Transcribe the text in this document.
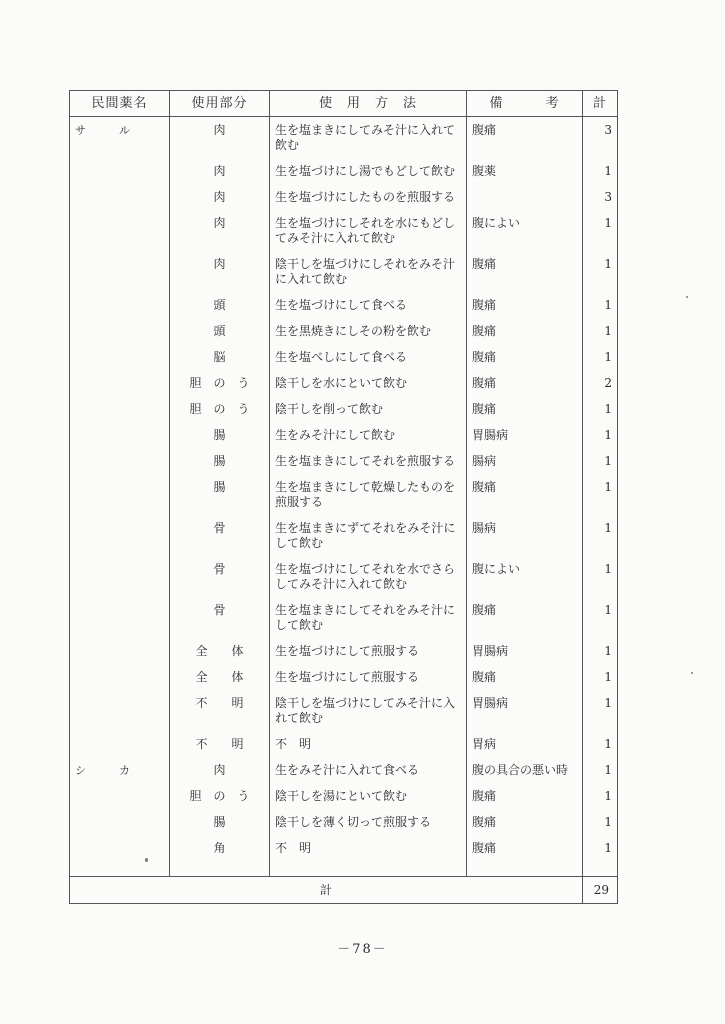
民間薬名	使用部分	使　用　方　法	備　　　考	計
サ　　　ル	肉	生を塩まきにしてみそ汁に入れて飲む	腹痛	3
	肉	生を塩づけにし湯でもどして飲む	腹薬	1
	肉	生を塩づけにしたものを煎服する		3
	肉	生を塩づけにしそれを水にもどしてみそ汁に入れて飲む	腹によい	1
	肉	陰干しを塩づけにしそれをみそ汁に入れて飲む	腹痛	1
	頭	生を塩づけにして食べる	腹痛	1
	頭	生を黒焼きにしその粉を飲む	腹痛	1
	脳	生を塩べしにして食べる	腹痛	1
	胆　の　う	陰干しを水にといて飲む	腹痛	2
	胆　の　う	陰干しを削って飲む	腹痛	1
	腸	生をみそ汁にして飲む	胃腸病	1
	腸	生を塩まきにしてそれを煎服する	腸病	1
	腸	生を塩まきにして乾燥したものを煎服する	腹痛	1
	骨	生を塩まきにずてそれをみそ汁にして飲む	腸病	1
	骨	生を塩づけにしてそれを水でさらしてみそ汁に入れて飲む	腹によい	1
	骨	生を塩まきにしてそれをみそ汁にして飲む	腹痛	1
	全　　体	生を塩づけにして煎服する	胃腸病	1
	全　　体	生を塩づけにして煎服する	腹痛	1
	不　　明	陰干しを塩づけにしてみそ汁に入れて飲む	胃腸病	1
	不　　明	不　明	胃病	1
シ　　　カ	肉	生をみそ汁に入れて食べる	腹の具合の悪い時	1
	胆　の　う	陰干しを湯にといて飲む	腹痛	1
	腸	陰干しを薄く切って煎服する	腹痛	1
	角	不　明	腹痛	1
計				29
－78－
